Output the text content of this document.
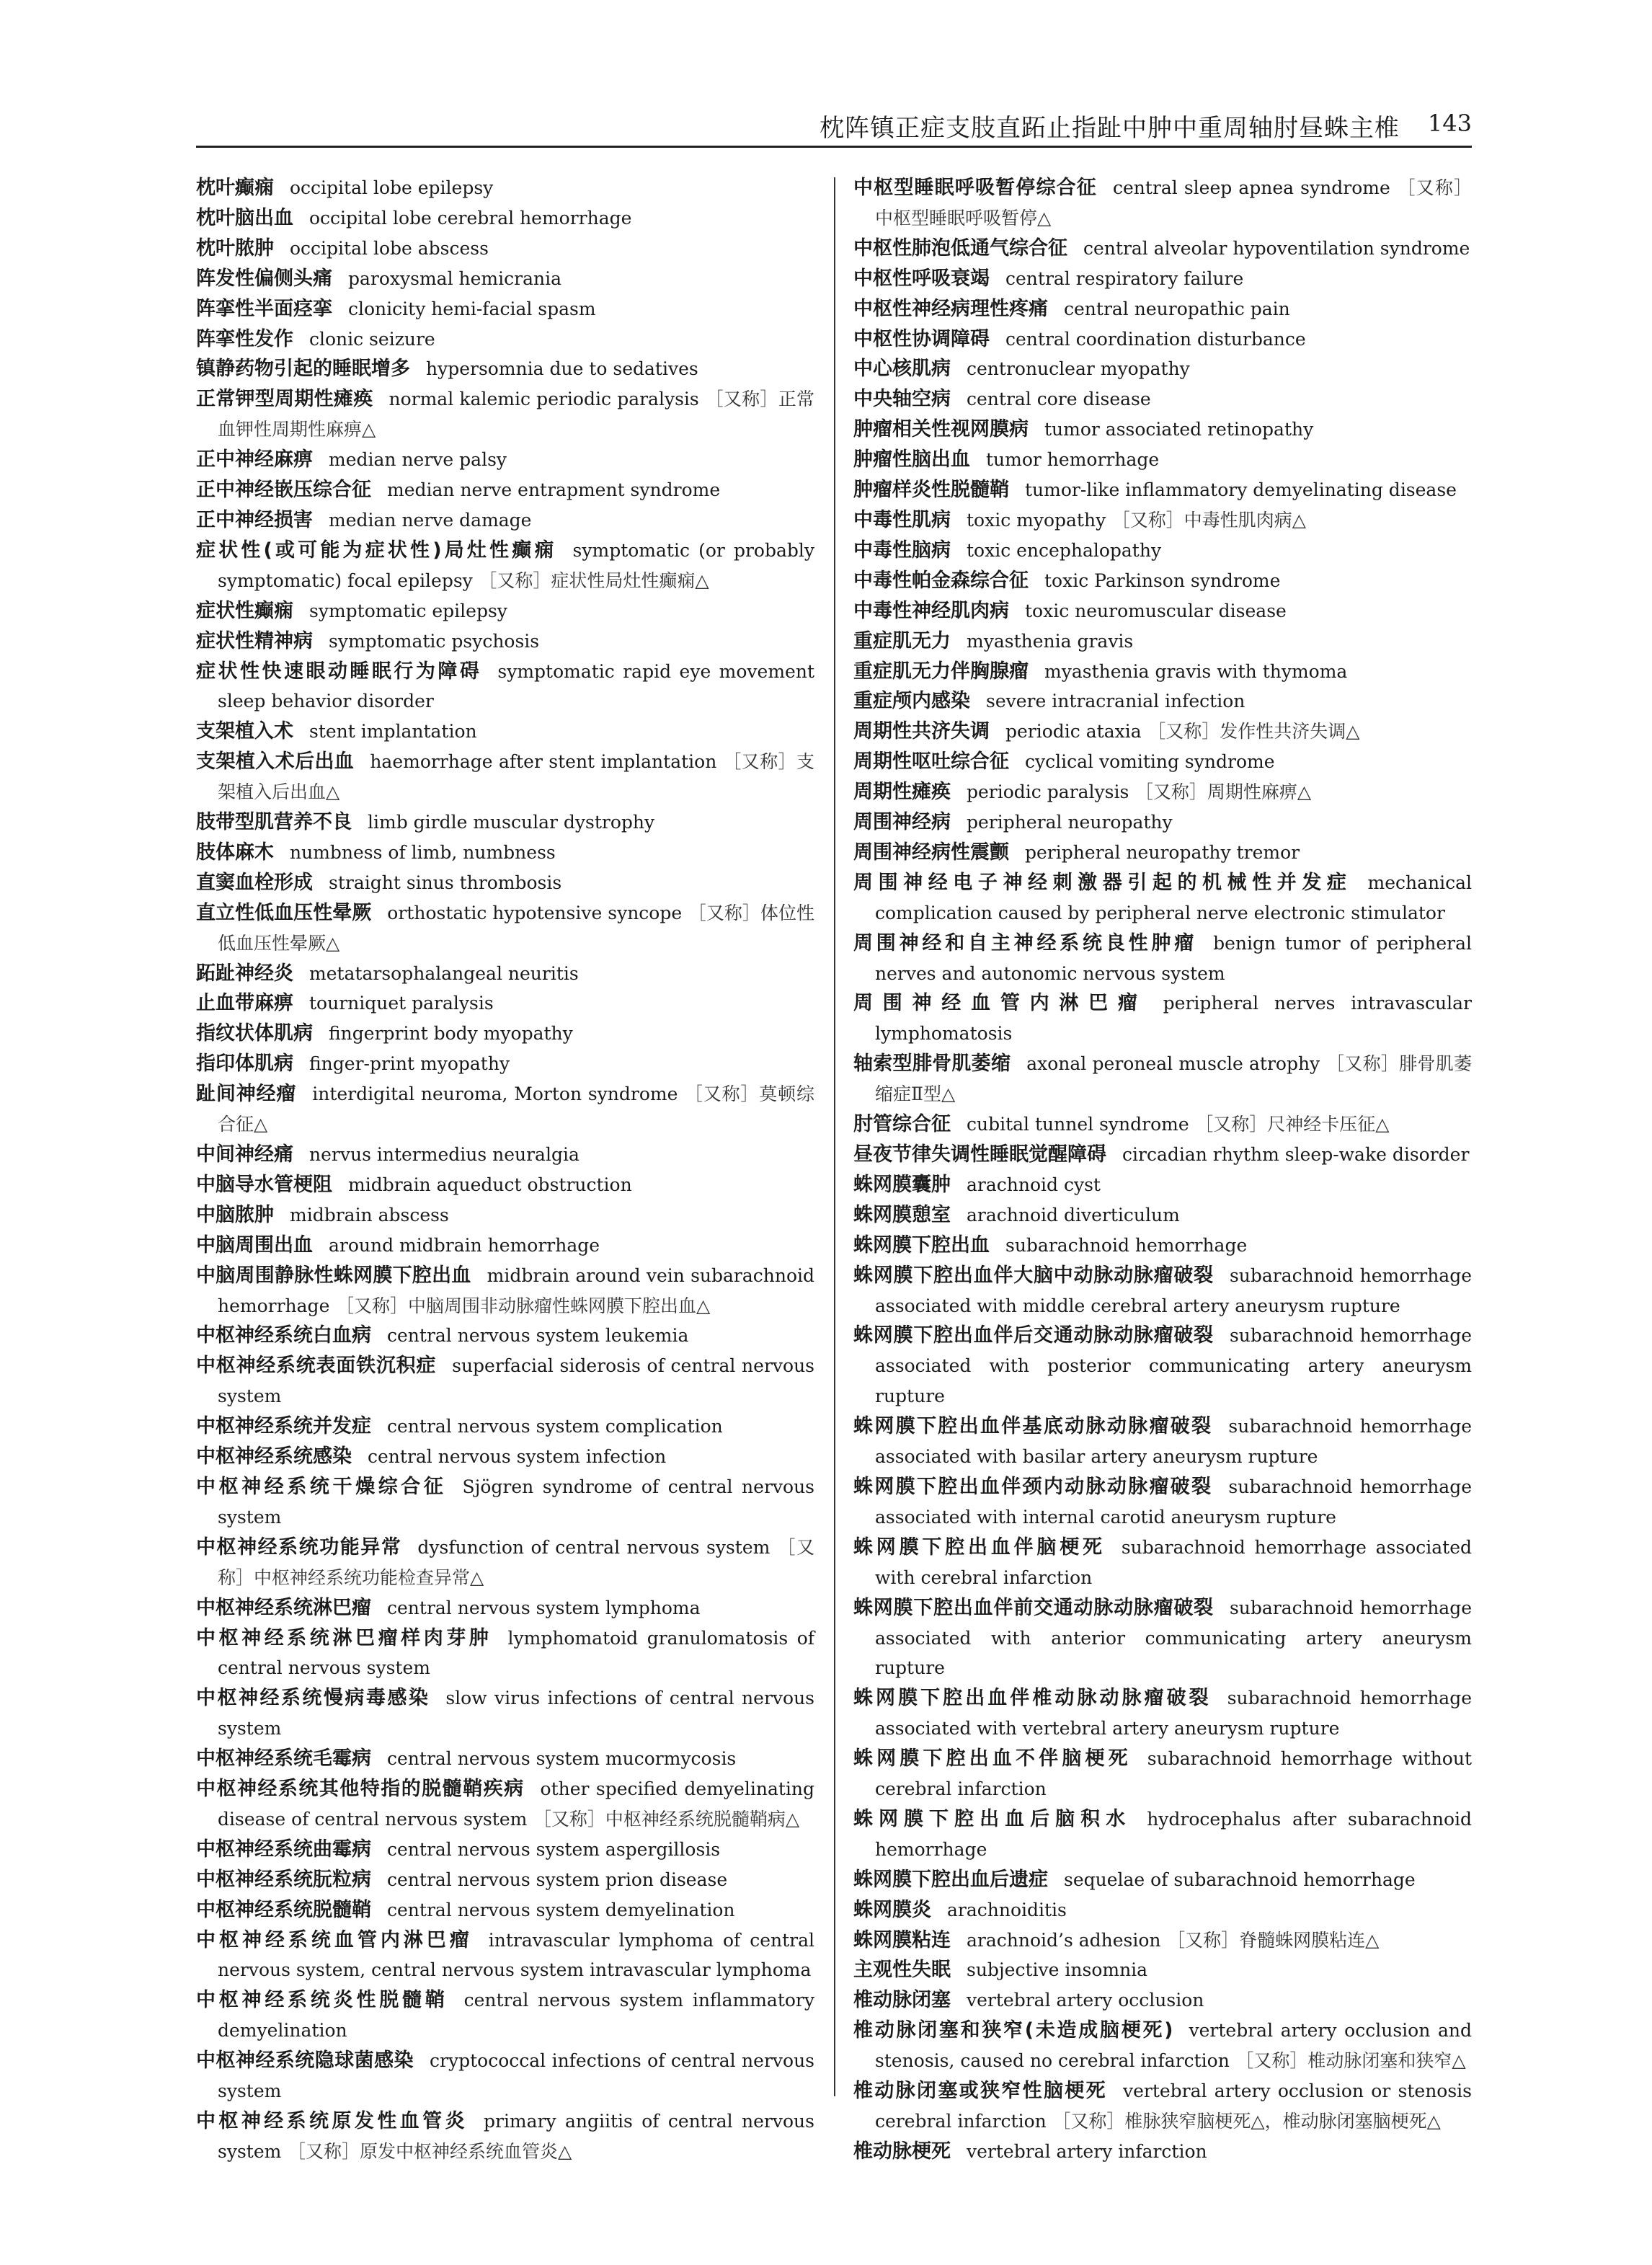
枕阵镇正症支肢直跖止指趾中肿中重周轴肘昼蛛主椎 143
枕叶癫痫 occipital lobe epilepsy
枕叶脑出血 occipital lobe cerebral hemorrhage
枕叶脓肿 occipital lobe abscess
阵发性偏侧头痛 paroxysmal hemicrania
阵挛性半面痉挛 clonicity hemi-facial spasm
阵挛性发作 clonic seizure
镇静药物引起的睡眠增多 hypersomnia due to sedatives
正常钾型周期性瘫痪 normal kalemic periodic paralysis ［又称］正常血钾性周期性麻痹△
正中神经麻痹 median nerve palsy
正中神经嵌压综合征 median nerve entrapment syndrome
正中神经损害 median nerve damage
症状性(或可能为症状性)局灶性癫痫 symptomatic (or probably symptomatic) focal epilepsy ［又称］症状性局灶性癫痫△
症状性癫痫 symptomatic epilepsy
症状性精神病 symptomatic psychosis
症状性快速眼动睡眠行为障碍 symptomatic rapid eye movement sleep behavior disorder
支架植入术 stent implantation
支架植入术后出血 haemorrhage after stent implantation ［又称］支架植入后出血△
肢带型肌营养不良 limb girdle muscular dystrophy
肢体麻木 numbness of limb, numbness
直窦血栓形成 straight sinus thrombosis
直立性低血压性晕厥 orthostatic hypotensive syncope ［又称］体位性低血压性晕厥△
跖趾神经炎 metatarsophalangeal neuritis
止血带麻痹 tourniquet paralysis
指纹状体肌病 fingerprint body myopathy
指印体肌病 finger-print myopathy
趾间神经瘤 interdigital neuroma, Morton syndrome ［又称］莫顿综合征△
中间神经痛 nervus intermedius neuralgia
中脑导水管梗阻 midbrain aqueduct obstruction
中脑脓肿 midbrain abscess
中脑周围出血 around midbrain hemorrhage
中脑周围静脉性蛛网膜下腔出血 midbrain around vein subarachnoid hemorrhage ［又称］中脑周围非动脉瘤性蛛网膜下腔出血△
中枢神经系统白血病 central nervous system leukemia
中枢神经系统表面铁沉积症 superfacial siderosis of central nervous system
中枢神经系统并发症 central nervous system complication
中枢神经系统感染 central nervous system infection
中枢神经系统干燥综合征 Sjögren syndrome of central nervous system
中枢神经系统功能异常 dysfunction of central nervous system ［又称］中枢神经系统功能检查异常△
中枢神经系统淋巴瘤 central nervous system lymphoma
中枢神经系统淋巴瘤样肉芽肿 lymphomatoid granulomatosis of central nervous system
中枢神经系统慢病毒感染 slow virus infections of central nervous system
中枢神经系统毛霉病 central nervous system mucormycosis
中枢神经系统其他特指的脱髓鞘疾病 other specified demyelinating disease of central nervous system ［又称］中枢神经系统脱髓鞘病△
中枢神经系统曲霉病 central nervous system aspergillosis
中枢神经系统朊粒病 central nervous system prion disease
中枢神经系统脱髓鞘 central nervous system demyelination
中枢神经系统血管内淋巴瘤 intravascular lymphoma of central nervous system, central nervous system intravascular lymphoma
中枢神经系统炎性脱髓鞘 central nervous system inflammatory demyelination
中枢神经系统隐球菌感染 cryptococcal infections of central nervous system
中枢神经系统原发性血管炎 primary angiitis of central nervous system ［又称］原发中枢神经系统血管炎△
中枢型睡眠呼吸暂停综合征 central sleep apnea syndrome ［又称］中枢型睡眠呼吸暂停△
中枢性肺泡低通气综合征 central alveolar hypoventilation syndrome
中枢性呼吸衰竭 central respiratory failure
中枢性神经病理性疼痛 central neuropathic pain
中枢性协调障碍 central coordination disturbance
中心核肌病 centronuclear myopathy
中央轴空病 central core disease
肿瘤相关性视网膜病 tumor associated retinopathy
肿瘤性脑出血 tumor hemorrhage
肿瘤样炎性脱髓鞘 tumor-like inflammatory demyelinating disease
中毒性肌病 toxic myopathy ［又称］中毒性肌肉病△
中毒性脑病 toxic encephalopathy
中毒性帕金森综合征 toxic Parkinson syndrome
中毒性神经肌肉病 toxic neuromuscular disease
重症肌无力 myasthenia gravis
重症肌无力伴胸腺瘤 myasthenia gravis with thymoma
重症颅内感染 severe intracranial infection
周期性共济失调 periodic ataxia ［又称］发作性共济失调△
周期性呕吐综合征 cyclical vomiting syndrome
周期性瘫痪 periodic paralysis ［又称］周期性麻痹△
周围神经病 peripheral neuropathy
周围神经病性震颤 peripheral neuropathy tremor
周围神经电子神经刺激器引起的机械性并发症 mechanical complication caused by peripheral nerve electronic stimulator
周围神经和自主神经系统良性肿瘤 benign tumor of peripheral nerves and autonomic nervous system
周围神经血管内淋巴瘤 peripheral nerves intravascular lymphomatosis
轴索型腓骨肌萎缩 axonal peroneal muscle atrophy ［又称］腓骨肌萎缩症Ⅱ型△
肘管综合征 cubital tunnel syndrome ［又称］尺神经卡压征△
昼夜节律失调性睡眠觉醒障碍 circadian rhythm sleep-wake disorder
蛛网膜囊肿 arachnoid cyst
蛛网膜憩室 arachnoid diverticulum
蛛网膜下腔出血 subarachnoid hemorrhage
蛛网膜下腔出血伴大脑中动脉动脉瘤破裂 subarachnoid hemorrhage associated with middle cerebral artery aneurysm rupture
蛛网膜下腔出血伴后交通动脉动脉瘤破裂 subarachnoid hemorrhage associated with posterior communicating artery aneurysm rupture
蛛网膜下腔出血伴基底动脉动脉瘤破裂 subarachnoid hemorrhage associated with basilar artery aneurysm rupture
蛛网膜下腔出血伴颈内动脉动脉瘤破裂 subarachnoid hemorrhage associated with internal carotid aneurysm rupture
蛛网膜下腔出血伴脑梗死 subarachnoid hemorrhage associated with cerebral infarction
蛛网膜下腔出血伴前交通动脉动脉瘤破裂 subarachnoid hemorrhage associated with anterior communicating artery aneurysm rupture
蛛网膜下腔出血伴椎动脉动脉瘤破裂 subarachnoid hemorrhage associated with vertebral artery aneurysm rupture
蛛网膜下腔出血不伴脑梗死 subarachnoid hemorrhage without cerebral infarction
蛛网膜下腔出血后脑积水 hydrocephalus after subarachnoid hemorrhage
蛛网膜下腔出血后遗症 sequelae of subarachnoid hemorrhage
蛛网膜炎 arachnoiditis
蛛网膜粘连 arachnoid’s adhesion ［又称］脊髓蛛网膜粘连△
主观性失眠 subjective insomnia
椎动脉闭塞 vertebral artery occlusion
椎动脉闭塞和狭窄(未造成脑梗死) vertebral artery occlusion and stenosis, caused no cerebral infarction ［又称］椎动脉闭塞和狭窄△
椎动脉闭塞或狭窄性脑梗死 vertebral artery occlusion or stenosis cerebral infarction ［又称］椎脉狭窄脑梗死△，椎动脉闭塞脑梗死△
椎动脉梗死 vertebral artery infarction
